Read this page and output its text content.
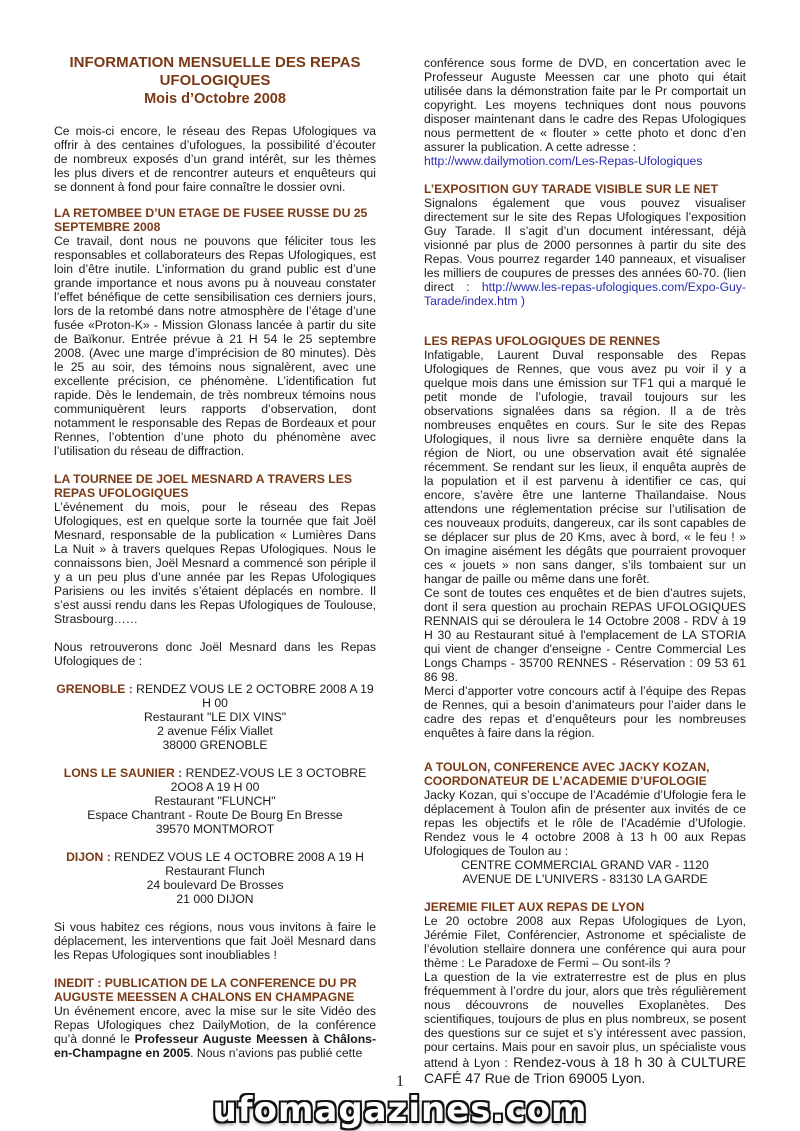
INFORMATION MENSUELLE DES REPAS
UFOLOGIQUES
Mois d’Octobre 2008

Ce mois-ci encore, le réseau des Repas Ufologiques va offrir à des centaines d’ufologues, la possibilité d’écouter de nombreux exposés d’un grand intérêt, sur les thèmes les plus divers et de rencontrer auteurs et enquêteurs qui se donnent à fond pour faire connaître le dossier ovni.

LA RETOMBEE D’UN ETAGE DE FUSEE RUSSE DU 25 SEPTEMBRE 2008

Ce travail, dont nous ne pouvons que féliciter tous les responsables et collaborateurs des Repas Ufologiques, est loin d’être inutile. L’information du grand public est d’une grande importance et nous avons pu à nouveau constater l’effet bénéfique de cette sensibilisation ces derniers jours, lors de la retombé dans notre atmosphère de l’étage d’une fusée «Proton-K» - Mission Glonass lancée à partir du site de Baïkonur. Entrée prévue à 21 H 54 le 25 septembre 2008. (Avec une marge d’imprécision de 80 minutes). Dès le 25 au soir, des témoins nous signalèrent, avec une excellente précision, ce phénomène. L’identification fut rapide. Dès le lendemain, de très nombreux témoins nous communiquèrent leurs rapports d’observation, dont notamment le responsable des Repas de Bordeaux et pour Rennes, l’obtention d’une photo du phénomène avec l’utilisation du réseau de diffraction.

LA TOURNEE DE JOEL MESNARD A TRAVERS LES REPAS UFOLOGIQUES

L’événement du mois, pour le réseau des Repas Ufologiques, est en quelque sorte la tournée que fait Joël Mesnard, responsable de la publication « Lumières Dans La Nuit » à travers quelques Repas Ufologiques. Nous le connaissons bien, Joël Mesnard a commencé son périple il y a un peu plus d’une année par les Repas Ufologiques Parisiens ou les invités s’étaient déplacés en nombre. Il s’est aussi rendu dans les Repas Ufologiques de Toulouse, Strasbourg……

Nous retrouverons donc Joël Mesnard dans les Repas Ufologiques de :

GRENOBLE : RENDEZ VOUS LE 2 OCTOBRE 2008 A 19
H 00
Restaurant "LE DIX VINS"
2 avenue Félix Viallet
38000 GRENOBLE
LONS LE SAUNIER : RENDEZ-VOUS LE 3 OCTOBRE
2OO8 A 19 H 00
Restaurant "FLUNCH"
Espace Chantrant - Route De Bourg En Bresse
39570 MONTMOROT
DIJON : RENDEZ VOUS LE 4 OCTOBRE 2008 A 19 H
Restaurant Flunch
24 boulevard De Brosses
21 000 DIJON

Si vous habitez ces régions, nous vous invitons à faire le déplacement, les interventions que fait Joël Mesnard dans les Repas Ufologiques sont inoubliables !

INEDIT : PUBLICATION DE LA CONFERENCE DU PR AUGUSTE MEESSEN A CHALONS EN CHAMPAGNE

Un événement encore, avec la mise sur le site Vidéo des Repas Ufologiques chez DailyMotion, de la conférence qu’à donné le Professeur Auguste Meessen à Châlons-en-Champagne en 2005. Nous n’avions pas publié cette

conférence sous forme de DVD, en concertation avec le Professeur Auguste Meessen car une photo qui était utilisée dans la démonstration faite par le Pr comportait un copyright. Les moyens techniques dont nous pouvons disposer maintenant dans le cadre des Repas Ufologiques nous permettent de « flouter » cette photo et donc d’en assurer la publication. A cette adresse :

http://www.dailymotion.com/Les-Repas-Ufologiques

L’EXPOSITION GUY TARADE VISIBLE SUR LE NET

Signalons également que vous pouvez visualiser directement sur le site des Repas Ufologiques l’exposition Guy Tarade. Il s’agit d’un document intéressant, déjà visionné par plus de 2000 personnes à partir du site des Repas. Vous pourrez regarder 140 panneaux, et visualiser les milliers de coupures de presses des années 60-70. (lien direct : http://www.les-repas-ufologiques.com/Expo-Guy-Tarade/index.htm )

LES REPAS UFOLOGIQUES DE RENNES

Infatigable, Laurent Duval responsable des Repas Ufologiques de Rennes, que vous avez pu voir il y a quelque mois dans une émission sur TF1 qui a marqué le petit monde de l’ufologie, travail toujours sur les observations signalées dans sa région. Il a de très nombreuses enquêtes en cours. Sur le site des Repas Ufologiques, il nous livre sa dernière enquête dans la région de Niort, ou une observation avait été signalée récemment. Se rendant sur les lieux, il enquêta auprès de la population et il est parvenu à identifier ce cas, qui encore, s’avère être une lanterne Thaïlandaise. Nous attendons une réglementation précise sur l’utilisation de ces nouveaux produits, dangereux, car ils sont capables de se déplacer sur plus de 20 Kms, avec à bord, « le feu ! » On imagine aisément les dégâts que pourraient provoquer ces « jouets » non sans danger, s’ils tombaient sur un hangar de paille ou même dans une forêt.

Ce sont de toutes ces enquêtes et de bien d’autres sujets, dont il sera question au prochain REPAS UFOLOGIQUES RENNAIS qui se déroulera le 14 Octobre 2008 - RDV à 19 H 30 au Restaurant situé à l'emplacement de LA STORIA qui vient de changer d'enseigne - Centre Commercial Les Longs Champs - 35700 RENNES - Réservation : 09 53 61 86 98.

Merci d’apporter votre concours actif à l’équipe des Repas de Rennes, qui a besoin d’animateurs pour l’aider dans le cadre des repas et d’enquêteurs pour les nombreuses enquêtes à faire dans la région.

A TOULON, CONFERENCE AVEC JACKY KOZAN, COORDONATEUR DE L’ACADEMIE D’UFOLOGIE

Jacky Kozan, qui s’occupe de l’Académie d’Ufologie fera le déplacement à Toulon afin de présenter aux invités de ce repas les objectifs et le rôle de l’Académie d’Ufologie. Rendez vous le 4 octobre 2008 à 13 h 00 aux Repas Ufologiques de Toulon au :

CENTRE COMMERCIAL GRAND VAR - 1120

AVENUE DE L'UNIVERS - 83130 LA GARDE

JEREMIE FILET AUX REPAS DE LYON

Le 20 octobre 2008 aux Repas Ufologiques de Lyon, Jérémie Filet, Conférencier, Astronome et spécialiste de l’évolution stellaire donnera une conférence qui aura pour thème : Le Paradoxe de Fermi – Ou sont-ils ?

La question de la vie extraterrestre est de plus en plus fréquemment à l’ordre du jour, alors que très régulièrement nous découvrons de nouvelles Exoplanètes. Des scientifiques, toujours de plus en plus nombreux, se posent des questions sur ce sujet et s’y intéressent avec passion, pour certains. Mais pour en savoir plus, un spécialiste vous attend à Lyon : Rendez-vous à 18 h 30 à CULTURE CAFÉ 47 Rue de Trion 69005 Lyon.

1
ufomagazines.com
